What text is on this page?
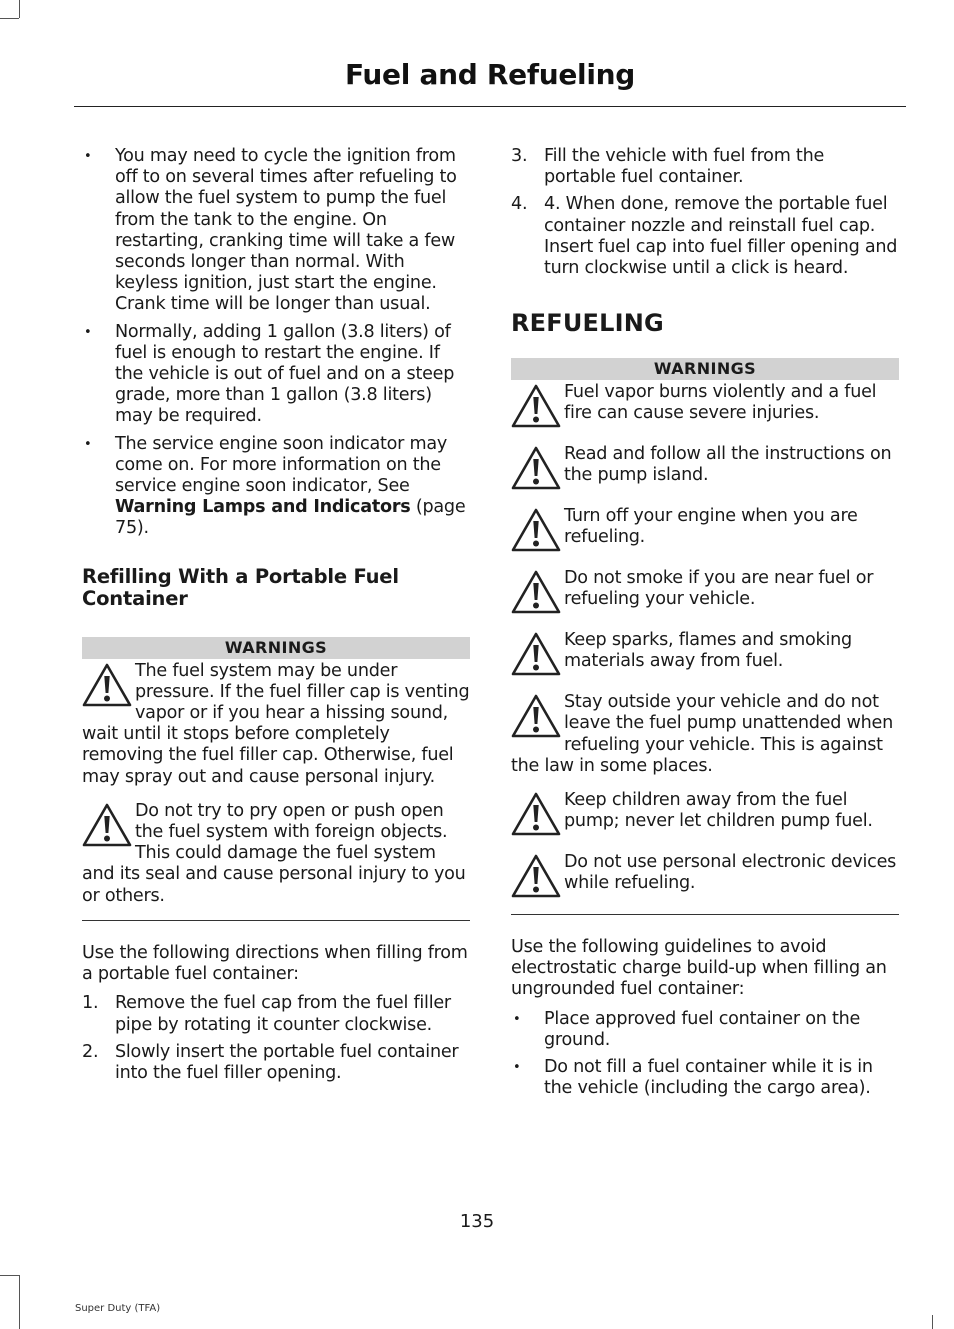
Fuel and Refueling
• You may need to cycle the ignition from off to on several times after refueling to allow the fuel system to pump the fuel from the tank to the engine. On restarting, cranking time will take a few seconds longer than normal. With keyless ignition, just start the engine. Crank time will be longer than usual.
• Normally, adding 1 gallon (3.8 liters) of fuel is enough to restart the engine. If the vehicle is out of fuel and on a steep grade, more than 1 gallon (3.8 liters) may be required.
• The service engine soon indicator may come on. For more information on the service engine soon indicator, See Warning Lamps and Indicators (page 75).
Refilling With a Portable Fuel Container
WARNINGS
The fuel system may be under pressure. If the fuel filler cap is venting vapor or if you hear a hissing sound, wait until it stops before completely removing the fuel filler cap. Otherwise, fuel may spray out and cause personal injury.
Do not try to pry open or push open the fuel system with foreign objects. This could damage the fuel system and its seal and cause personal injury to you or others.
Use the following directions when filling from a portable fuel container:
1. Remove the fuel cap from the fuel filler pipe by rotating it counter clockwise.
2. Slowly insert the portable fuel container into the fuel filler opening.
3. Fill the vehicle with fuel from the portable fuel container.
4. 4. When done, remove the portable fuel container nozzle and reinstall fuel cap. Insert fuel cap into fuel filler opening and turn clockwise until a click is heard.
REFUELING
WARNINGS
Fuel vapor burns violently and a fuel fire can cause severe injuries.
Read and follow all the instructions on the pump island.
Turn off your engine when you are refueling.
Do not smoke if you are near fuel or refueling your vehicle.
Keep sparks, flames and smoking materials away from fuel.
Stay outside your vehicle and do not leave the fuel pump unattended when refueling your vehicle. This is against the law in some places.
Keep children away from the fuel pump; never let children pump fuel.
Do not use personal electronic devices while refueling.
Use the following guidelines to avoid electrostatic charge build-up when filling an ungrounded fuel container:
• Place approved fuel container on the ground.
• Do not fill a fuel container while it is in the vehicle (including the cargo area).
135
Super Duty (TFA)
